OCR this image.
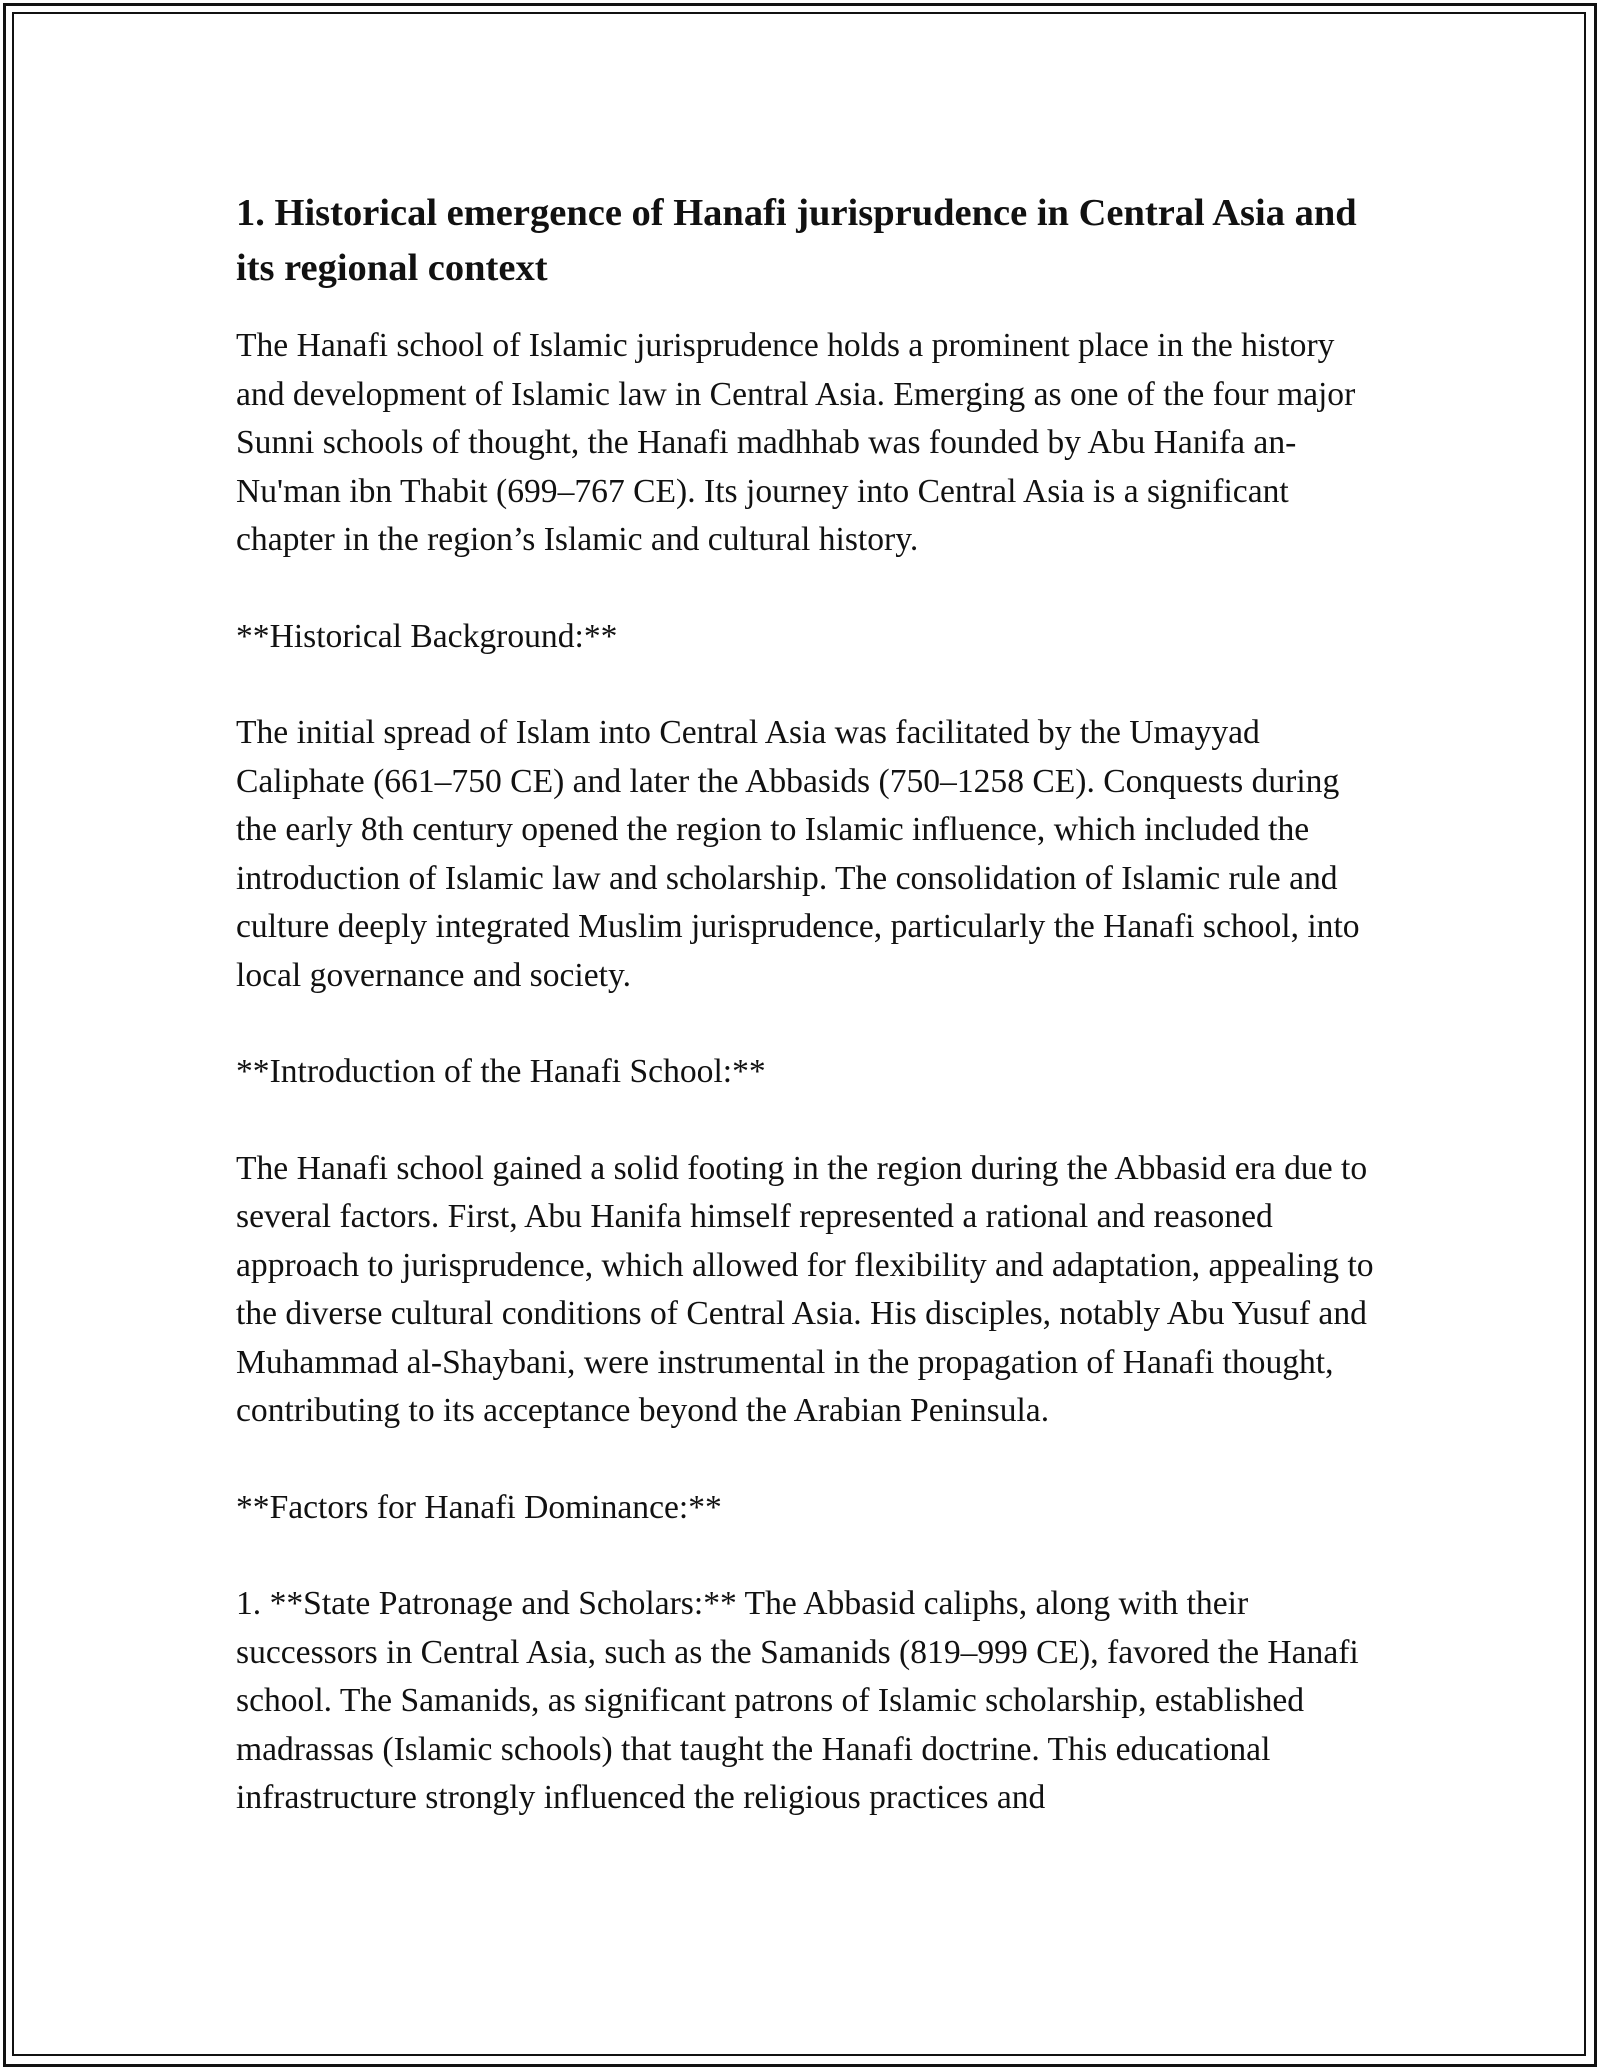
1. Historical emergence of Hanafi jurisprudence in Central Asia and its regional context

The Hanafi school of Islamic jurisprudence holds a prominent place in the history and development of Islamic law in Central Asia. Emerging as one of the four major Sunni schools of thought, the Hanafi madhhab was founded by Abu Hanifa an-Nu'man ibn Thabit (699–767 CE). Its journey into Central Asia is a significant chapter in the region’s Islamic and cultural history.

**Historical Background:**

The initial spread of Islam into Central Asia was facilitated by the Umayyad Caliphate (661–750 CE) and later the Abbasids (750–1258 CE). Conquests during the early 8th century opened the region to Islamic influence, which included the introduction of Islamic law and scholarship. The consolidation of Islamic rule and culture deeply integrated Muslim jurisprudence, particularly the Hanafi school, into local governance and society.

**Introduction of the Hanafi School:**

The Hanafi school gained a solid footing in the region during the Abbasid era due to several factors. First, Abu Hanifa himself represented a rational and reasoned approach to jurisprudence, which allowed for flexibility and adaptation, appealing to the diverse cultural conditions of Central Asia. His disciples, notably Abu Yusuf and Muhammad al-Shaybani, were instrumental in the propagation of Hanafi thought, contributing to its acceptance beyond the Arabian Peninsula.

**Factors for Hanafi Dominance:**

1. **State Patronage and Scholars:** The Abbasid caliphs, along with their successors in Central Asia, such as the Samanids (819–999 CE), favored the Hanafi school. The Samanids, as significant patrons of Islamic scholarship, established madrassas (Islamic schools) that taught the Hanafi doctrine. This educational infrastructure strongly influenced the religious practices and
